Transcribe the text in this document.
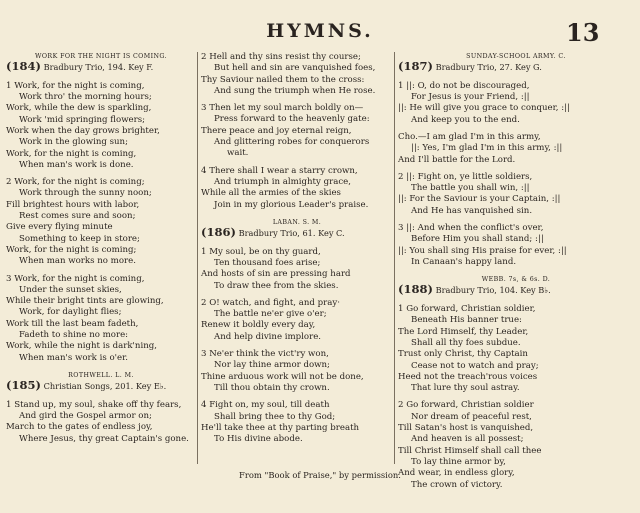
HYMNS.	13
WORK FOR THE NIGHT IS COMING.
(184) Bradbury Trio, 194. Key F.
1 Work, for the night is coming,
Work thro' the morning hours;
Work, while the dew is sparkling,
Work 'mid springing flowers;
Work when the day grows brighter,
Work in the glowing sun;
Work, for the night is coming,
When man's work is done.
2 Work, for the night is coming;
Work through the sunny noon;
Fill brightest hours with labor,
Rest comes sure and soon;
Give every flying minute
Something to keep in store;
Work, for the night is coming;
When man works no more.
3 Work, for the night is coming,
Under the sunset skies,
While their bright tints are glowing,
Work, for daylight flies;
Work till the last beam fadeth,
Fadeth to shine no more:
Work, while the night is dark'ning,
When man's work is o'er.
ROTHWELL. L. M.
(185) Christian Songs, 201. Key E♭.
1 Stand up, my soul, shake off thy fears,
And gird the Gospel armor on;
March to the gates of endless joy,
Where Jesus, thy great Captain's gone.
2 Hell and thy sins resist thy course;
But hell and sin are vanquished foes,
Thy Saviour nailed them to the cross:
And sung the triumph when He rose.
3 Then let my soul march boldly on—
Press forward to the heavenly gate:
There peace and joy eternal reign,
And glittering robes for conquerors
wait.
4 There shall I wear a starry crown,
And triumph in almighty grace,
While all the armies of the skies
Join in my glorious Leader's praise.
LABAN. S. M.
(186) Bradbury Trio, 61. Key C.
1 My soul, be on thy guard,
Ten thousand foes arise;
And hosts of sin are pressing hard
To draw thee from the skies.
2 O! watch, and fight, and pray·
The battle ne'er give o'er;
Renew it boldly every day,
And help divine implore.
3 Ne'er think the vict'ry won,
Nor lay thine armor down;
Thine arduous work will not be done,
Till thou obtain thy crown.
4 Fight on, my soul, till death
Shall bring thee to thy God;
He'll take thee at thy parting breath
To His divine abode.
SUNDAY-SCHOOL ARMY. C.
(187) Bradbury Trio, 27. Key G.
1 ||: O, do not be discouraged,
For Jesus is your Friend, :||
||: He will give you grace to conquer, :||
And keep you to the end.
Cho.—I am glad I'm in this army,
||: Yes, I'm glad I'm in this army, :||
And I'll battle for the Lord.
2 ||: Fight on, ye little soldiers,
The battle you shall win, :||
||: For the Saviour is your Captain, :||
And He has vanquished sin.
3 ||: And when the conflict's over,
Before Him you shall stand; :||
||: You shall sing His praise for ever, :||
In Canaan's happy land.
WEBB. 7s, & 6s. D.
(188) Bradbury Trio, 104. Key B♭.
1 Go forward, Christian soldier,
Beneath His banner true:
The Lord Himself, thy Leader,
Shall all thy foes subdue.
Trust only Christ, thy Captain
Cease not to watch and pray;
Heed not the treach'rous voices
That lure thy soul astray.
2 Go forward, Christian soldier
Nor dream of peaceful rest,
Till Satan's host is vanquished,
And heaven is all possest;
Till Christ Himself shall call thee
To lay thine armor by,
And wear, in endless glory,
The crown of victory.
From "Book of Praise," by permission.
